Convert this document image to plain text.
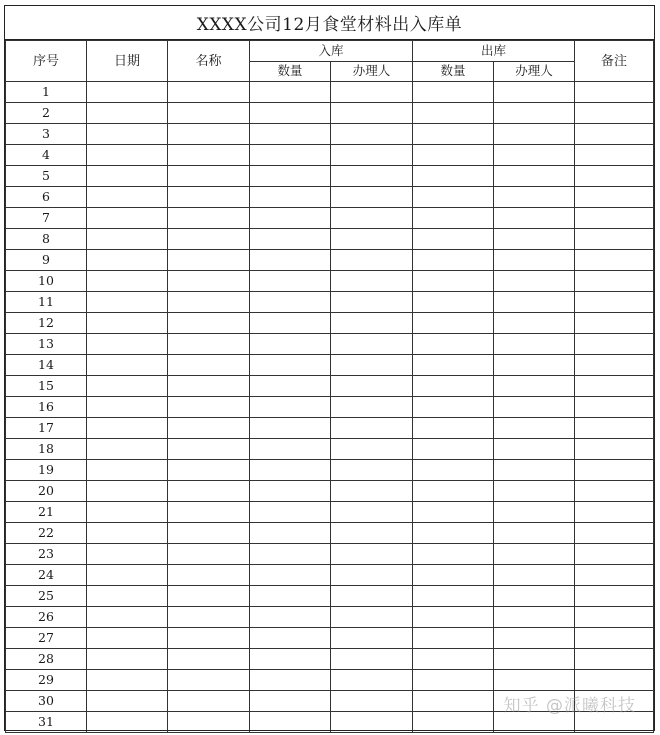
XXXX公司12月食堂材料出入库单
序号	日期	名称	入库		出库		备注
			数量	办理人	数量	办理人	
1							
2							
3							
4							
5							
6							
7							
8							
9							
10							
11							
12							
13							
14							
15							
16							
17							
18							
19							
20							
21							
22							
23							
24							
25							
26							
27							
28							
29							
30							
31							
知乎 @派曦科技
